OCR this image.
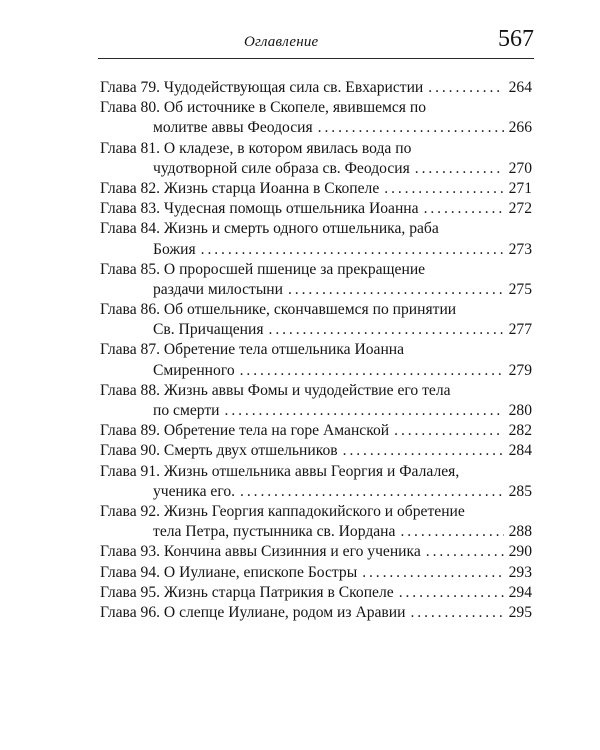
Оглавление	567
Глава 79. Чудодействующая сила св. Евхаристии . . .	264
Глава 80. Об источнике в Скопеле, явившемся по
молитве аввы Феодосия . . .	266
Глава 81. О кладезе, в котором явилась вода по
чудотворной силе образа св. Феодосия . . .	270
Глава 82. Жизнь старца Иоанна в Скопеле . . .	271
Глава 83. Чудесная помощь отшельника Иоанна . . .	272
Глава 84. Жизнь и смерть одного отшельника, раба
Божия . . .	273
Глава 85. О проросшей пшенице за прекращение
раздачи милостыни . . .	275
Глава 86. Об отшельнике, скончавшемся по принятии
Св. Причащения . . .	277
Глава 87. Обретение тела отшельника Иоанна
Смиренного . . .	279
Глава 88. Жизнь аввы Фомы и чудодействие его тела
по смерти . . .	280
Глава 89. Обретение тела на горе Аманской . . .	282
Глава 90. Смерть двух отшельников . . .	284
Глава 91. Жизнь отшельника аввы Георгия и Фалалея,
ученика его. . . .	285
Глава 92. Жизнь Георгия каппадокийского и обретение
тела Петра, пустынника св. Иордана . . .	288
Глава 93. Кончина аввы Сизинния и его ученика . . .	290
Глава 94. О Иулиане, епископе Бостры . . .	293
Глава 95. Жизнь старца Патрикия в Скопеле . . .	294
Глава 96. О слепце Иулиане, родом из Аравии . . .	295
